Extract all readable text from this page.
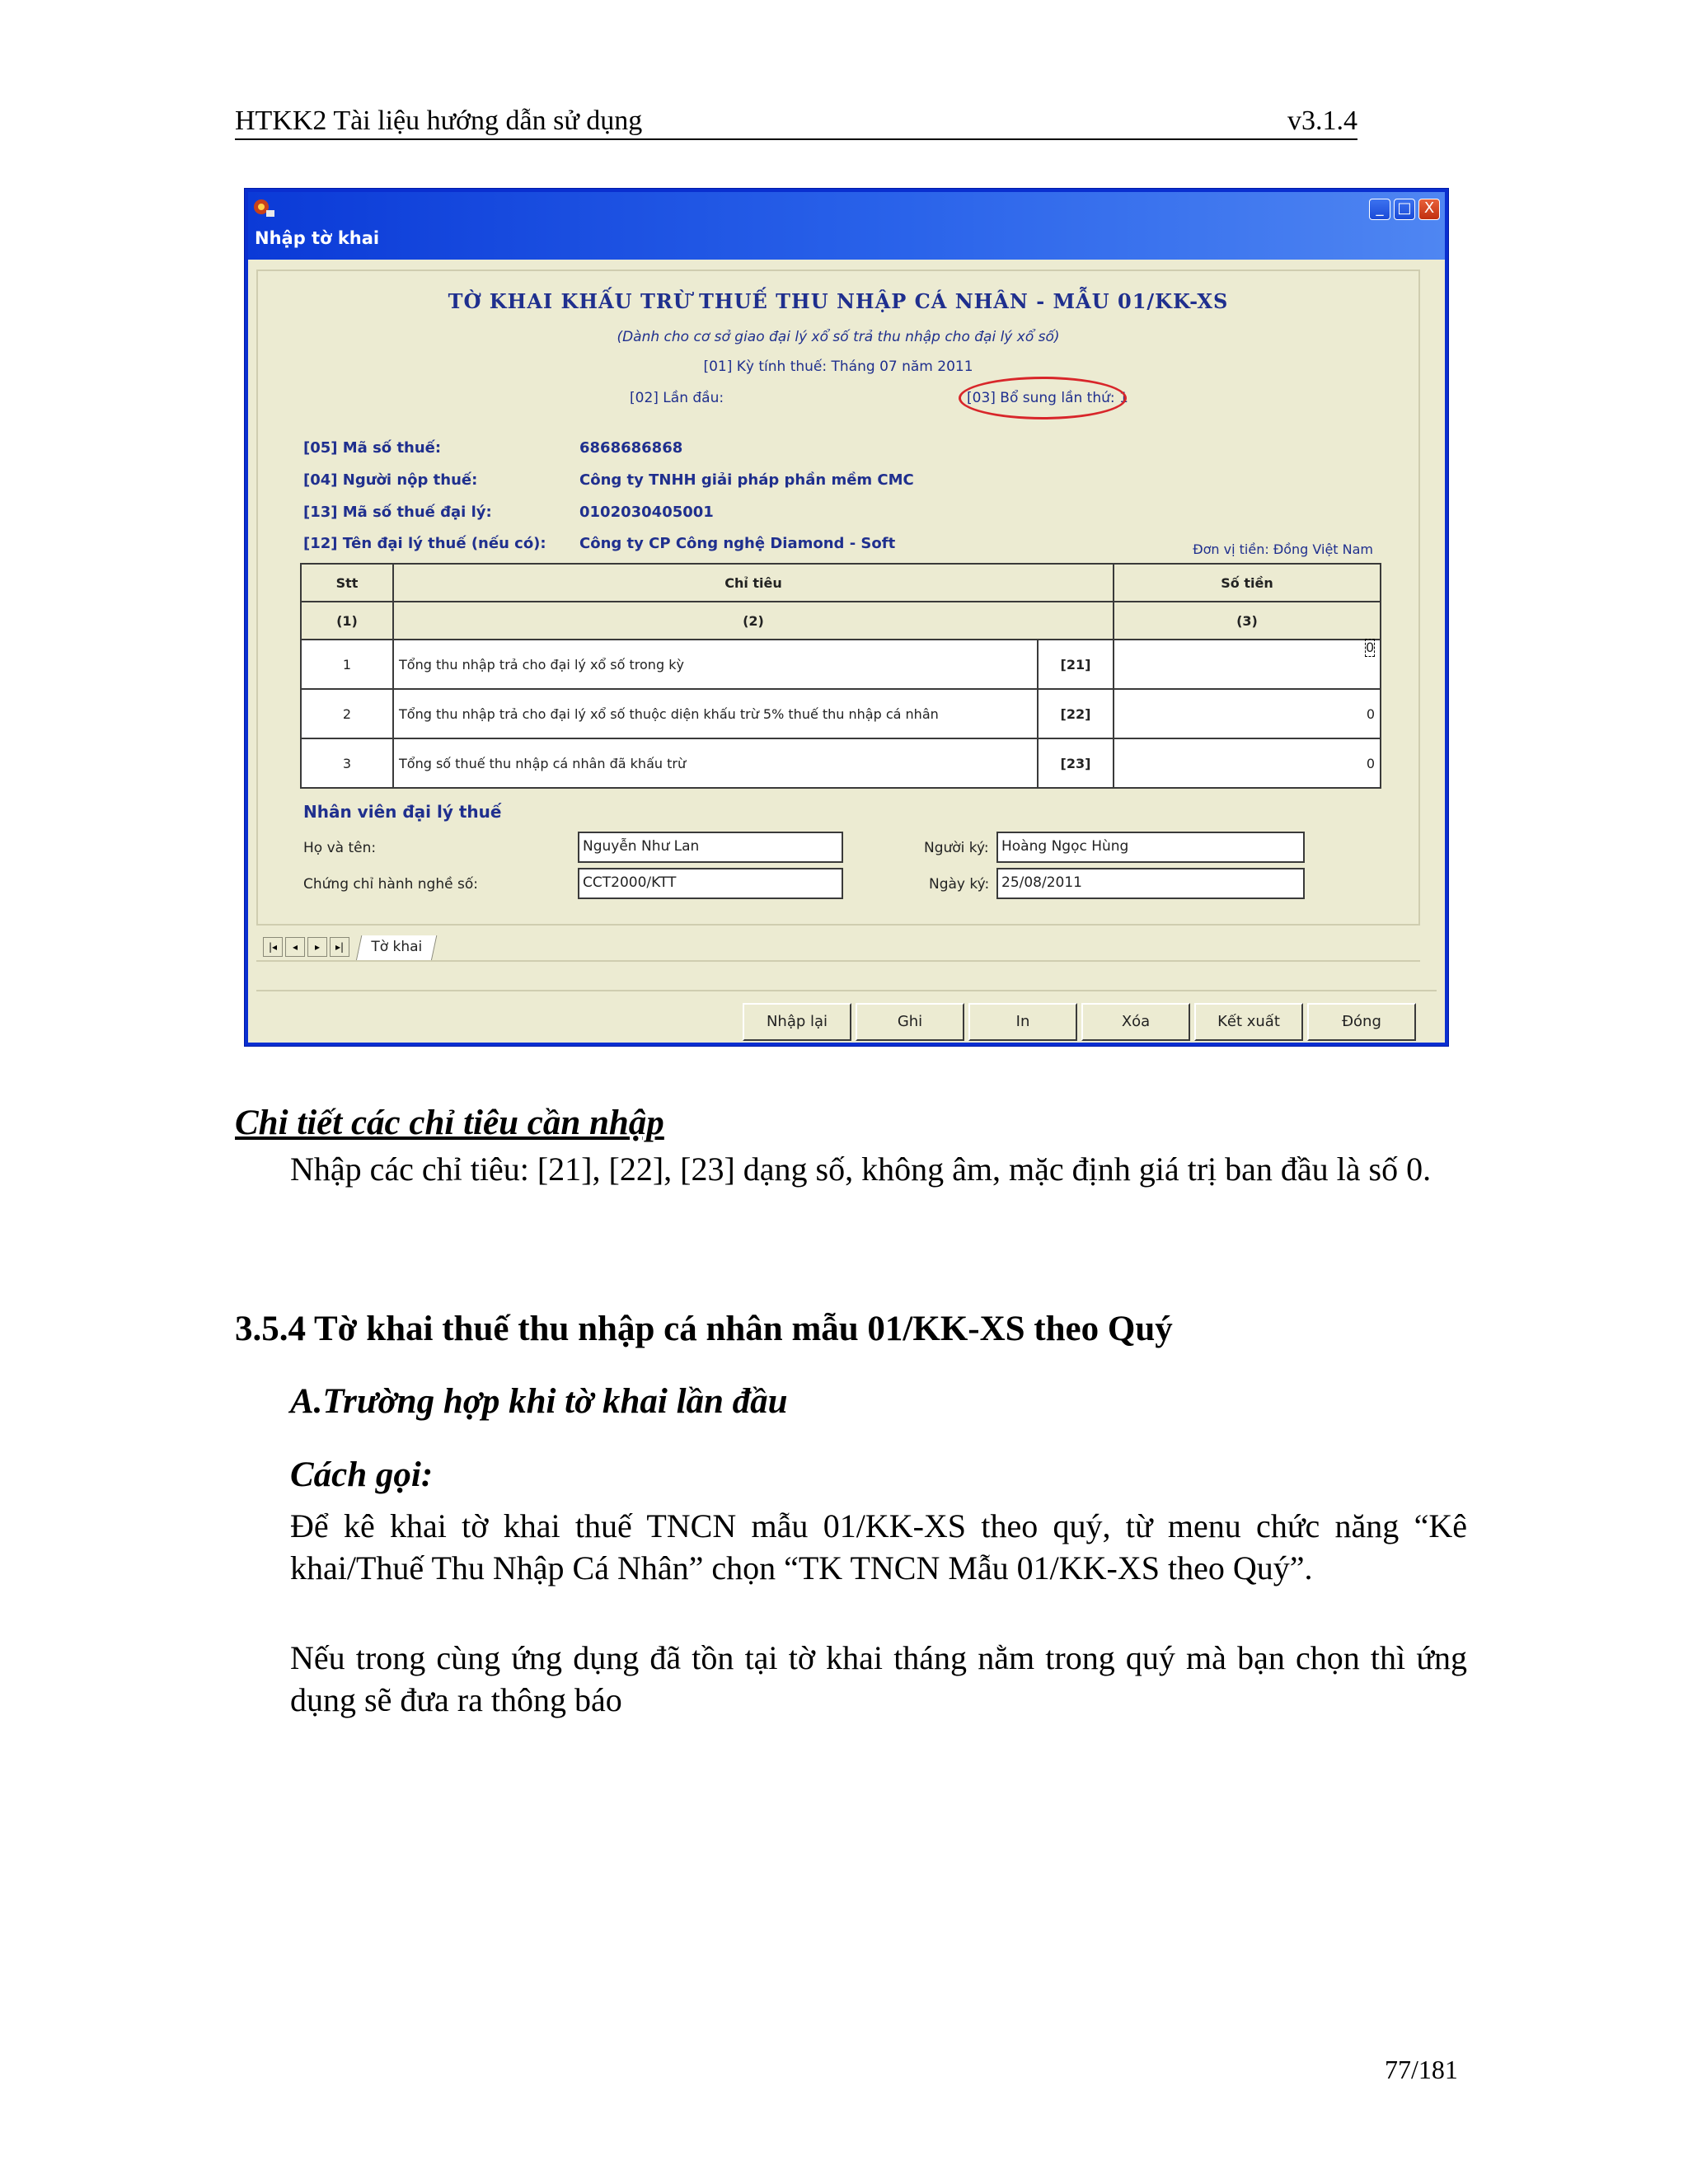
HTKK2 Tài liệu hướng dẫn sử dụng	v3.1.4
Nhập tờ khai
_ □ X
TỜ KHAI KHẤU TRỪ THUẾ THU NHẬP CÁ NHÂN - MẪU 01/KK-XS
(Dành cho cơ sở giao đại lý xổ số trả thu nhập cho đại lý xổ số)
[01] Kỳ tính thuế: Tháng 07 năm 2011
[02] Lần đầu:	[03] Bổ sung lần thứ: 1
[05] Mã số thuế:	6868686868
[04] Người nộp thuế:	Công ty TNHH giải pháp phần mềm CMC
[13] Mã số thuế đại lý:	0102030405001
[12] Tên đại lý thuế (nếu có): Công ty CP Công nghệ Diamond - Soft	Đơn vị tiền: Đồng Việt Nam
Stt	Chỉ tiêu		Số tiền
(1)	(2)		(3)
1	Tổng thu nhập trả cho đại lý xổ số trong kỳ	[21]	0
2	Tổng thu nhập trả cho đại lý xổ số thuộc diện khấu trừ 5% thuế thu nhập cá nhân	[22]	0
3	Tổng số thuế thu nhập cá nhân đã khấu trừ	[23]	0
Nhân viên đại lý thuế
Họ và tên:	Nguyễn Như Lan
Chứng chỉ hành nghề số:	CCT2000/KTT
Người ký: Hoàng Ngọc Hùng
Ngày ký: 25/08/2011
|◂	◂	▸	▸|	Tờ khai
Nhập lại	Ghi	In	Xóa	Kết xuất	Đóng
Chi tiết các chỉ tiêu cần nhập
Nhập các chỉ tiêu: [21], [22], [23] dạng số, không âm, mặc định giá trị ban đầu là số 0.
3.5.4 Tờ khai thuế thu nhập cá nhân mẫu 01/KK-XS theo Quý
A.Trường hợp khi tờ khai lần đầu
Cách gọi:
Để kê khai tờ khai thuế TNCN mẫu 01/KK-XS theo quý, từ menu chức năng “Kê khai/Thuế Thu Nhập Cá Nhân” chọn “TK TNCN Mẫu 01/KK-XS theo Quý”.
Nếu trong cùng ứng dụng đã tồn tại tờ khai tháng nằm trong quý mà bạn chọn thì ứng dụng sẽ đưa ra thông báo
77/181
